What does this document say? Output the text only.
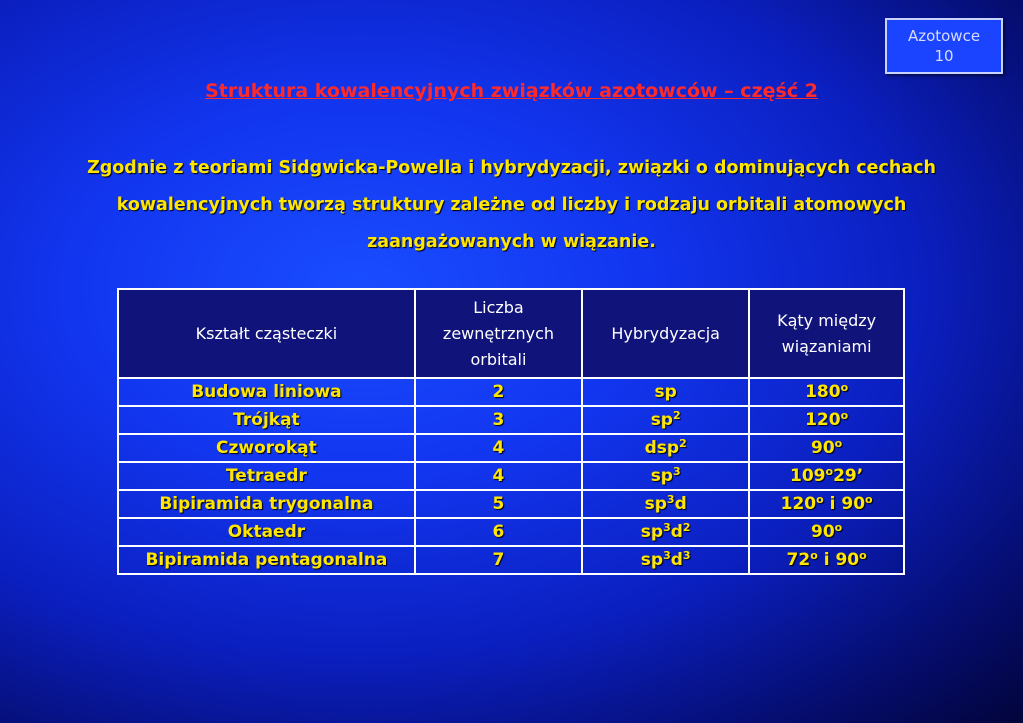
Azotowce
10
Struktura kowalencyjnych związków azotowców – część 2
Zgodnie z teoriami Sidgwicka-Powella i hybrydyzacji, związki o dominujących cechach kowalencyjnych tworzą struktury zależne od liczby i rodzaju orbitali atomowych zaangażowanych w wiązanie.
Kształt cząsteczki	Liczba zewnętrznych orbitali	Hybrydyzacja	Kąty między wiązaniami
Budowa liniowa	2	sp	180$^o$
Trójkąt	3	$sp^2$	120$^o$
Czworokąt	4	dsp$^2$	90$^o$
Tetraedr	4	$sp^3$	109$^o$29’
Bipiramida trygonalna	5	$sp^3d$	120$^o$ i 90$^o$
Oktaedr	6	$sp^3d^2$	90$^o$
Bipiramida pentagonalna	7	$sp^3d^3$	72$^o$ i 90$^o$
